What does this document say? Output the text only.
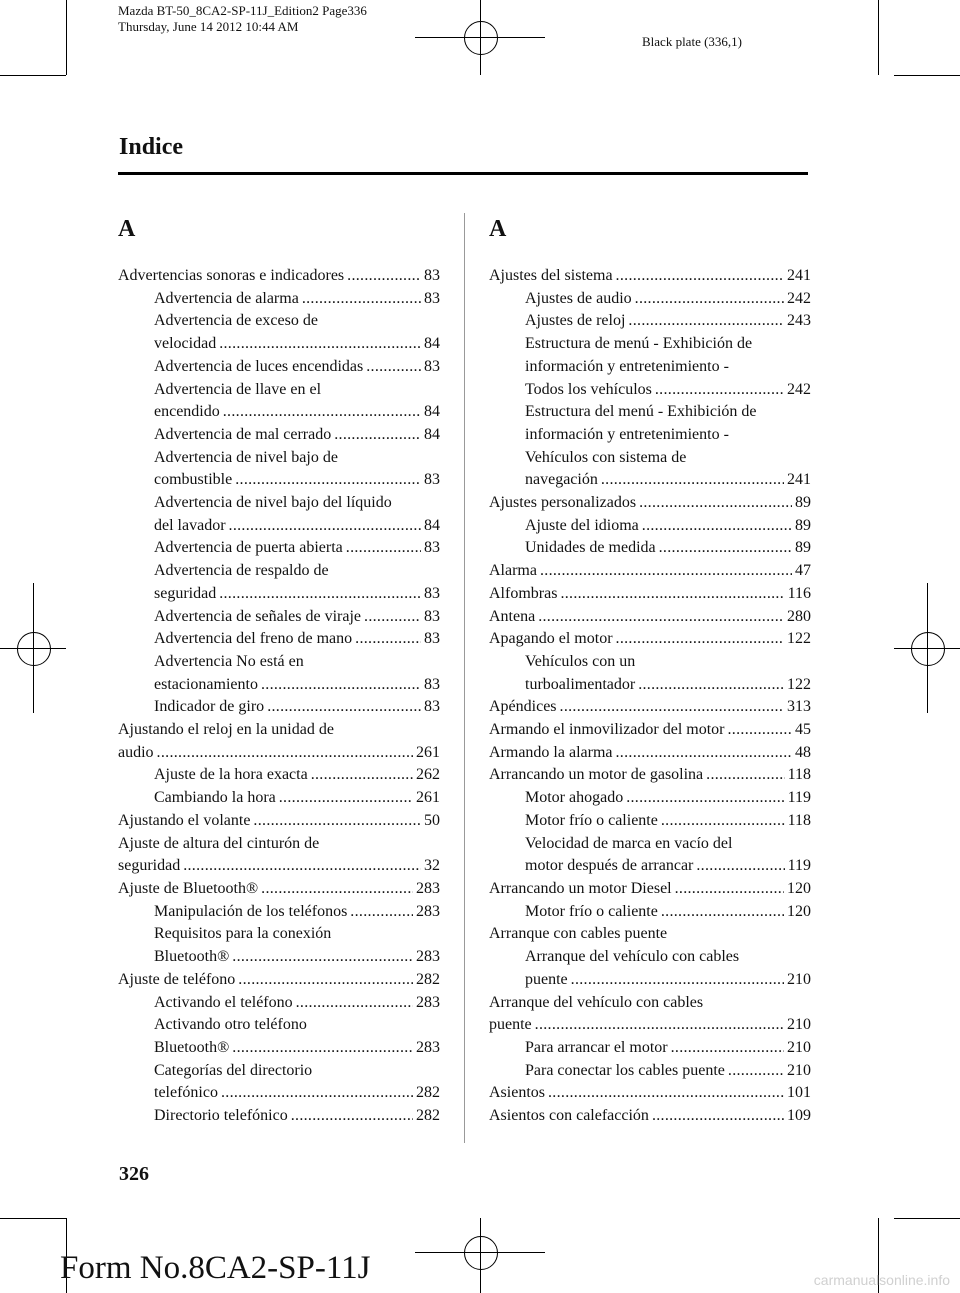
Mazda BT-50_8CA2-SP-11J_Edition2 Page336
Thursday, June 14 2012 10:44 AM
Black plate (336,1)
Indice
A
Advertencias sonoras e indicadores .....	83
Advertencia de alarma .....	83
Advertencia de exceso de
velocidad .....	84
Advertencia de luces encendidas .....	83
Advertencia de llave en el
encendido .....	84
Advertencia de mal cerrado .....	84
Advertencia de nivel bajo de
combustible .....	83
Advertencia de nivel bajo del líquido
del lavador .....	84
Advertencia de puerta abierta .....	83
Advertencia de respaldo de
seguridad .....	83
Advertencia de señales de viraje .....	83
Advertencia del freno de mano .....	83
Advertencia No está en
estacionamiento .....	83
Indicador de giro .....	83
Ajustando el reloj en la unidad de
audio .....	261
Ajuste de la hora exacta .....	262
Cambiando la hora .....	261
Ajustando el volante .....	50
Ajuste de altura del cinturón de
seguridad .....	32
Ajuste de Bluetooth® .....	283
Manipulación de los teléfonos .....	283
Requisitos para la conexión
Bluetooth® .....	283
Ajuste de teléfono .....	282
Activando el teléfono .....	283
Activando otro teléfono
Bluetooth® .....	283
Categorías del directorio
telefónico .....	282
Directorio telefónico .....	282
A
Ajustes del sistema .....	241
Ajustes de audio .....	242
Ajustes de reloj .....	243
Estructura de menú - Exhibición de
información y entretenimiento -
Todos los vehículos .....	242
Estructura del menú - Exhibición de
información y entretenimiento -
Vehículos con sistema de
navegación .....	241
Ajustes personalizados .....	89
Ajuste del idioma .....	89
Unidades de medida .....	89
Alarma .....	47
Alfombras .....	116
Antena .....	280
Apagando el motor .....	122
Vehículos con un
turboalimentador .....	122
Apéndices .....	313
Armando el inmovilizador del motor .....	45
Armando la alarma .....	48
Arrancando un motor de gasolina .....	118
Motor ahogado .....	119
Motor frío o caliente .....	118
Velocidad de marca en vacío del
motor después de arrancar .....	119
Arrancando un motor Diesel .....	120
Motor frío o caliente .....	120
Arranque con cables puente
Arranque del vehículo con cables
puente .....	210
Arranque del vehículo con cables
puente .....	210
Para arrancar el motor .....	210
Para conectar los cables puente .....	210
Asientos .....	101
Asientos con calefacción .....	109
326
Form No.8CA2-SP-11J	carmanualsonline.info
